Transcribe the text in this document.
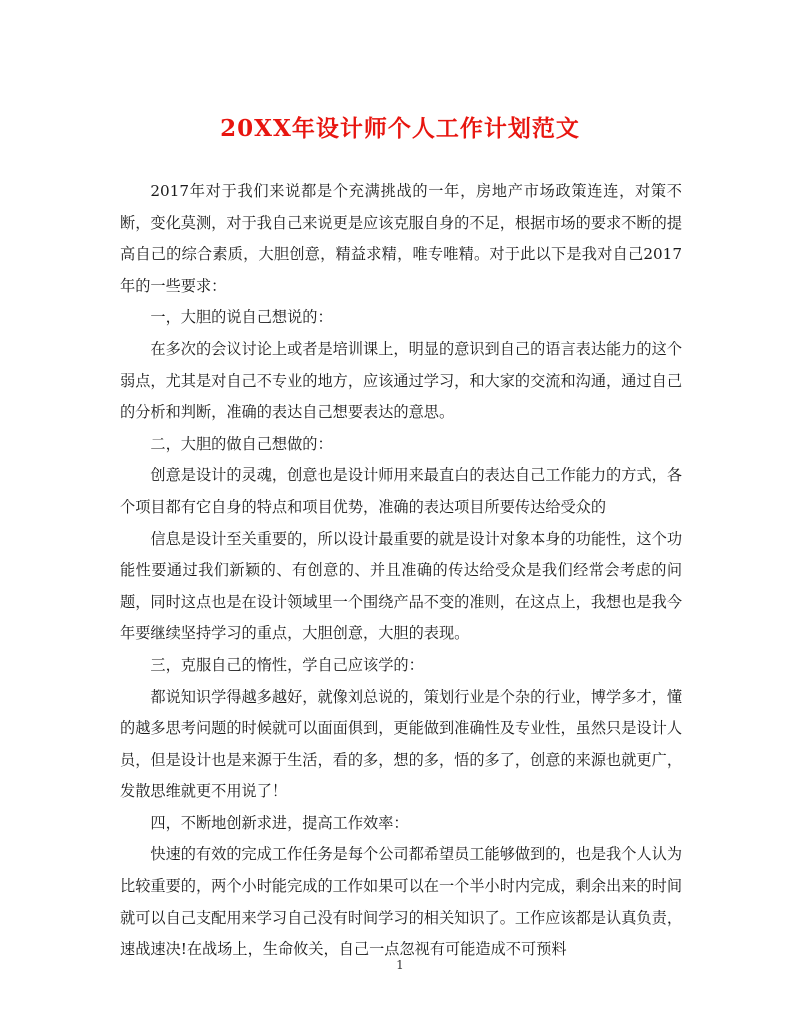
20XX年设计师个人工作计划范文

2017年对于我们来说都是个充满挑战的一年，房地产市场政策连连，对策不断，变化莫测，对于我自己来说更是应该克服自身的不足，根据市场的要求不断的提高自己的综合素质，大胆创意，精益求精，唯专唯精。对于此以下是我对自己2017年的一些要求：

一，大胆的说自己想说的：

在多次的会议讨论上或者是培训课上，明显的意识到自己的语言表达能力的这个弱点，尤其是对自己不专业的地方，应该通过学习，和大家的交流和沟通，通过自己的分析和判断，准确的表达自己想要表达的意思。

二，大胆的做自己想做的：

创意是设计的灵魂，创意也是设计师用来最直白的表达自己工作能力的方式，各个项目都有它自身的特点和项目优势，准确的表达项目所要传达给受众的

信息是设计至关重要的，所以设计最重要的就是设计对象本身的功能性，这个功能性要通过我们新颖的、有创意的、并且准确的传达给受众是我们经常会考虑的问题，同时这点也是在设计领域里一个围绕产品不变的准则，在这点上，我想也是我今年要继续坚持学习的重点，大胆创意，大胆的表现。

三，克服自己的惰性，学自己应该学的：

都说知识学得越多越好，就像刘总说的，策划行业是个杂的行业，博学多才，懂的越多思考问题的时候就可以面面俱到，更能做到准确性及专业性，虽然只是设计人员，但是设计也是来源于生活，看的多，想的多，悟的多了，创意的来源也就更广，发散思维就更不用说了！

四，不断地创新求进，提高工作效率：

快速的有效的完成工作任务是每个公司都希望员工能够做到的，也是我个人认为比较重要的，两个小时能完成的工作如果可以在一个半小时内完成，剩余出来的时间就可以自己支配用来学习自己没有时间学习的相关知识了。工作应该都是认真负责，速战速决!在战场上，生命攸关，自己一点忽视有可能造成不可预料

1
